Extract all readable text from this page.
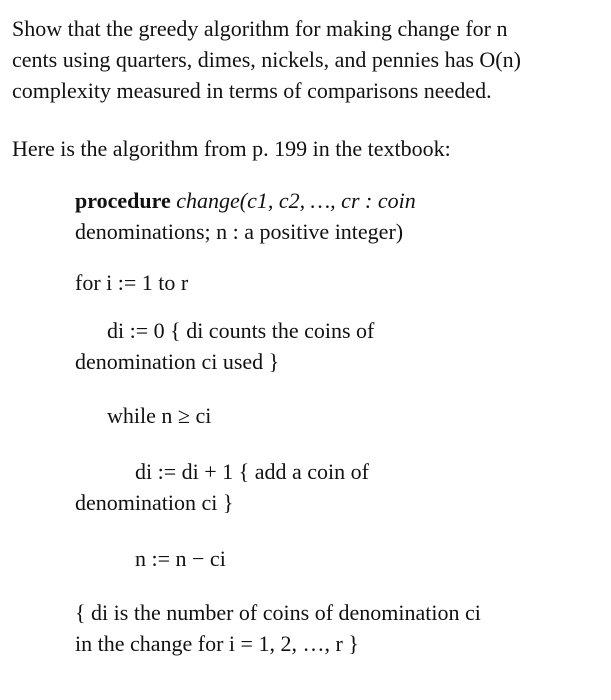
Show that the greedy algorithm for making change for n
cents using quarters, dimes, nickels, and pennies has O(n)
complexity measured in terms of comparisons needed.
Here is the algorithm from p. 199 in the textbook:
procedure change(c1, c2, …, cr : coin
denominations; n : a positive integer)
for i := 1 to r
di := 0 { di counts the coins of
denomination ci used }
while n ≥ ci
di := di + 1 { add a coin of
denomination ci }
n := n − ci
{ di is the number of coins of denomination ci
in the change for i = 1, 2, …, r }
